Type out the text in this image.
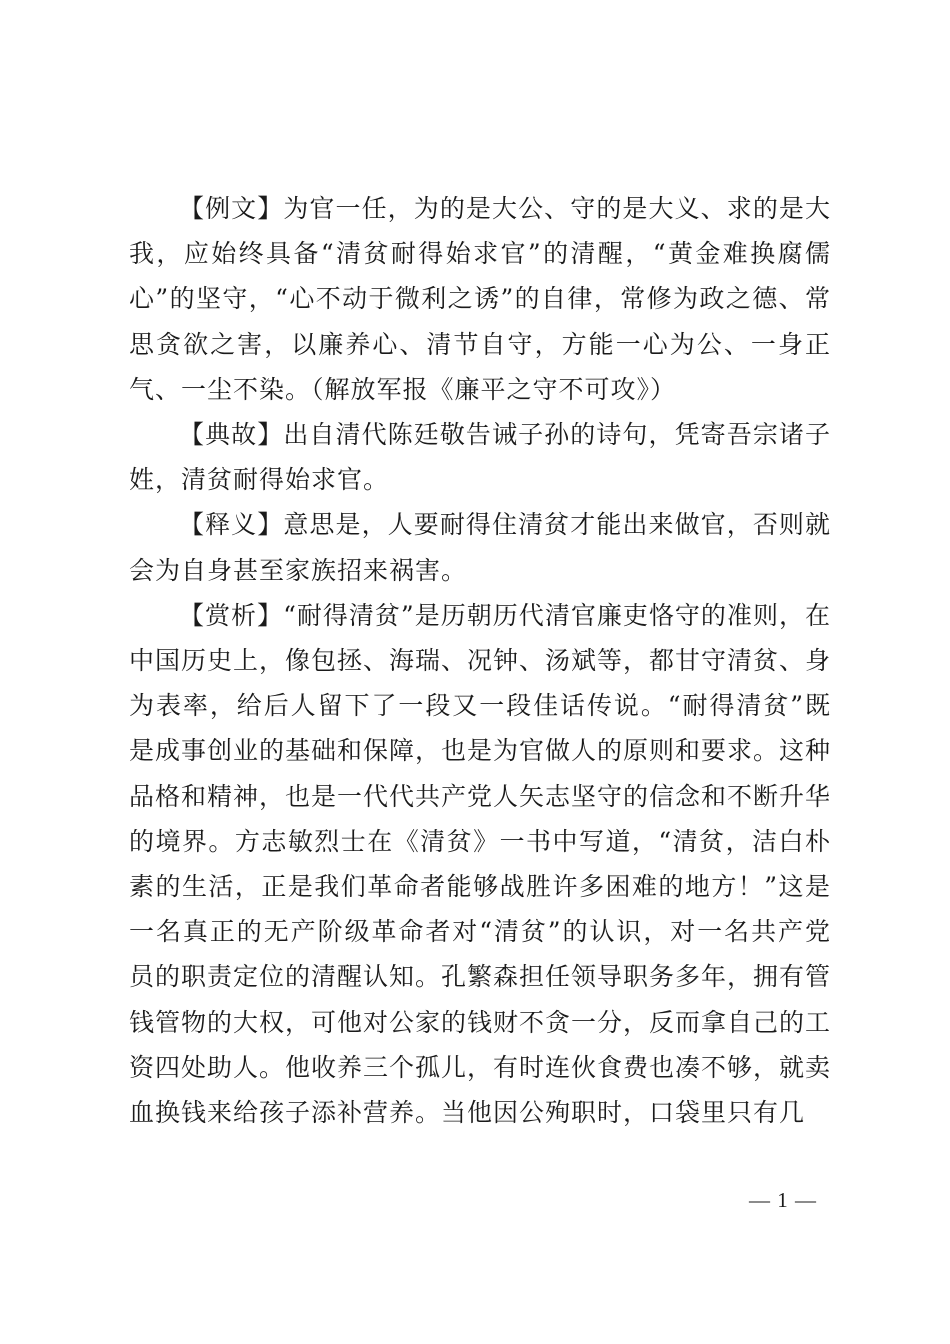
【例文】为官一任，为的是大公、守的是大义、求的是大我，应始终具备“清贫耐得始求官”的清醒，“黄金难换腐儒心”的坚守，“心不动于微利之诱”的自律，常修为政之德、常思贪欲之害，以廉养心、清节自守，方能一心为公、一身正气、一尘不染。（解放军报《廉平之守不可攻》）

【典故】出自清代陈廷敬告诫子孙的诗句，凭寄吾宗诸子姓，清贫耐得始求官。

【释义】意思是，人要耐得住清贫才能出来做官，否则就会为自身甚至家族招来祸害。

【赏析】“耐得清贫”是历朝历代清官廉吏恪守的准则，在中国历史上，像包拯、海瑞、况钟、汤斌等，都甘守清贫、身为表率，给后人留下了一段又一段佳话传说。“耐得清贫”既是成事创业的基础和保障，也是为官做人的原则和要求。这种品格和精神，也是一代代共产党人矢志坚守的信念和不断升华的境界。方志敏烈士在《清贫》一书中写道，“清贫，洁白朴素的生活，正是我们革命者能够战胜许多困难的地方！”这是一名真正的无产阶级革命者对“清贫”的认识，对一名共产党员的职责定位的清醒认知。孔繁森担任领导职务多年，拥有管钱管物的大权，可他对公家的钱财不贪一分，反而拿自己的工资四处助人。他收养三个孤儿，有时连伙食费也凑不够，就卖血换钱来给孩子添补营养。当他因公殉职时，口袋里只有几

— 1 —
